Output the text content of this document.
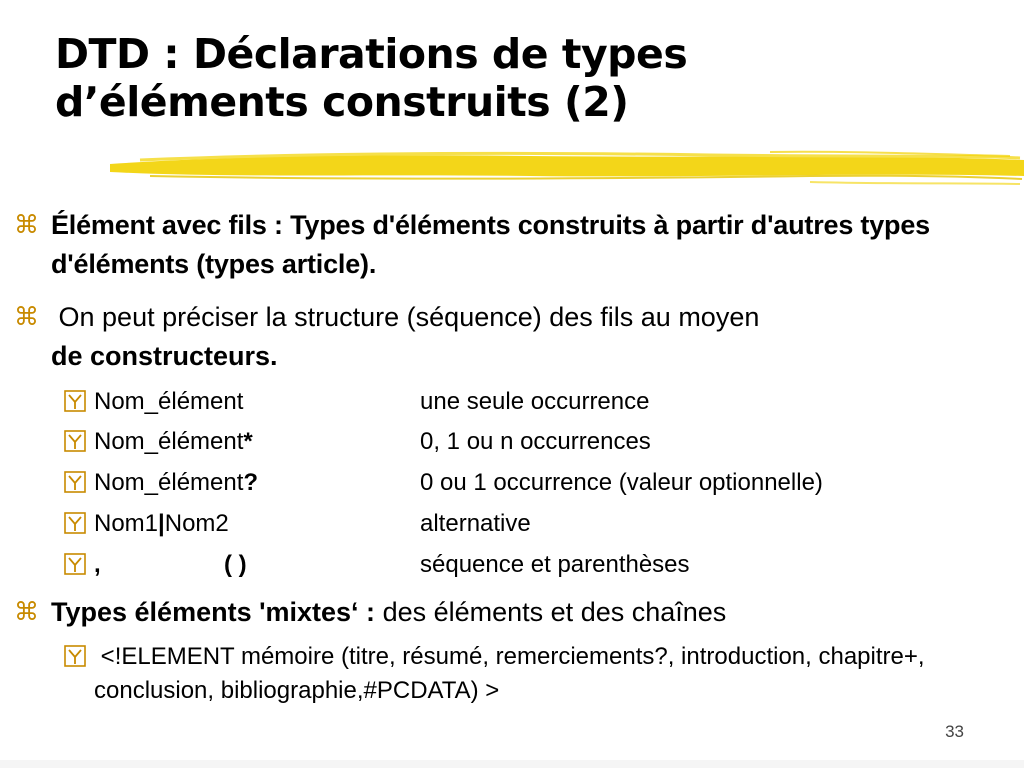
DTD : Déclarations de types
d’éléments construits (2)
⌘ Élément avec fils : Types d'éléments construits à partir d'autres types d'éléments (types article).
⌘ On peut préciser la structure (séquence) des fils au moyen
de constructeurs.
Nom_élément	une seule occurrence
Nom_élément*	0, 1 ou n occurrences
Nom_élément?	0 ou 1 occurrence (valeur optionnelle)
Nom1|Nom2	alternative
,	( )	séquence et parenthèses
⌘ Types éléments 'mixtes‘ : des éléments et des chaînes
<!ELEMENT mémoire (titre, résumé, remerciements?, introduction, chapitre+, conclusion, bibliographie,#PCDATA) >
33
